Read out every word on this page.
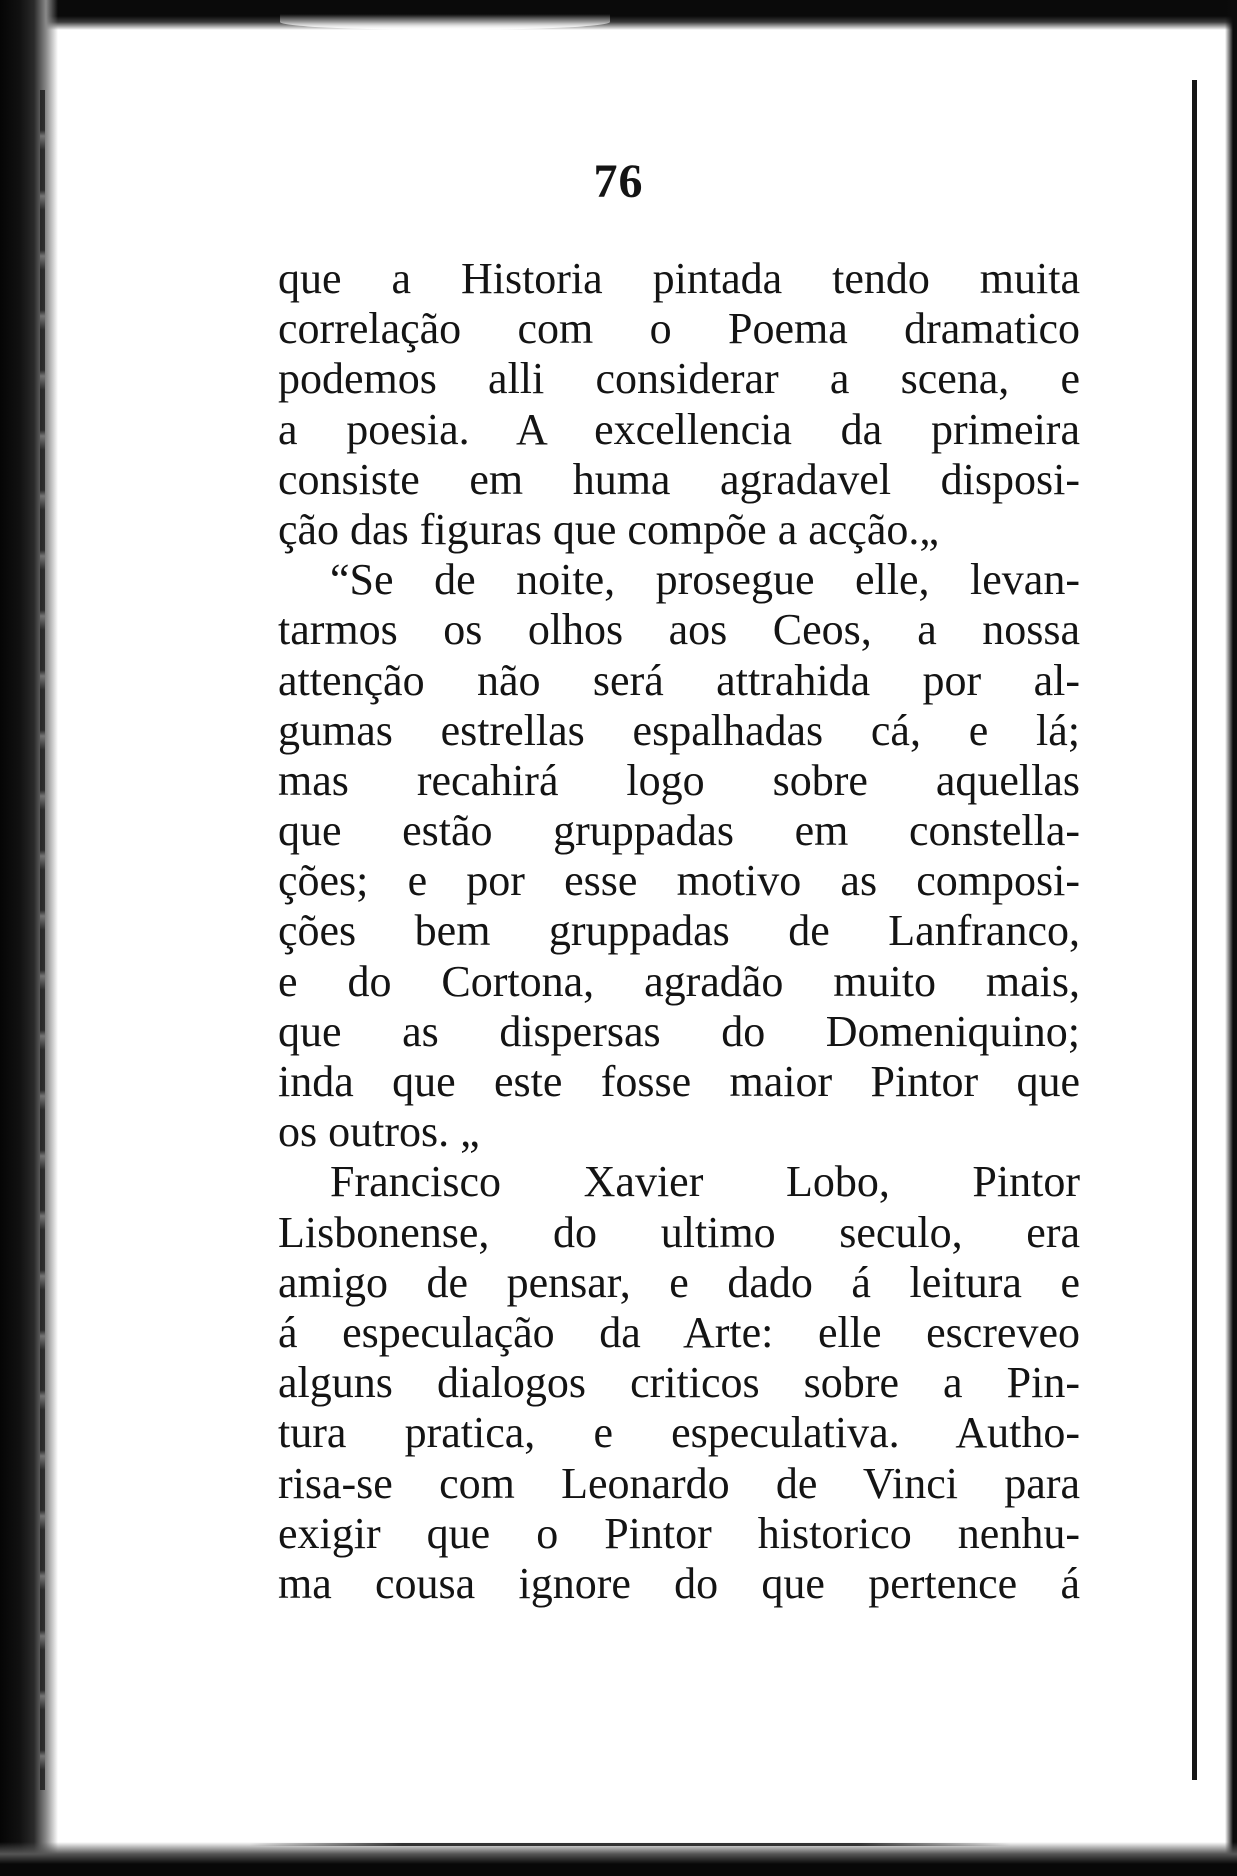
76
que a Historia pintada tendo muita
correlação com o Poema dramatico
podemos alli considerar a scena, e
a poesia. A excellencia da primeira
consiste em huma agradavel disposi-
ção das figuras que compõe a acção.„
“Se de noite, prosegue elle, levan-
tarmos os olhos aos Ceos, a nossa
attenção não será attrahida por al-
gumas estrellas espalhadas cá, e lá;
mas recahirá logo sobre aquellas
que estão gruppadas em constella-
ções; e por esse motivo as composi-
ções bem gruppadas de Lanfranco,
e do Cortona, agradão muito mais,
que as dispersas do Domeniquino;
inda que este fosse maior Pintor que
os outros. „
Francisco Xavier Lobo, Pintor
Lisbonense, do ultimo seculo, era
amigo de pensar, e dado á leitura e
á especulação da Arte: elle escreveo
alguns dialogos criticos sobre a Pin-
tura pratica, e especulativa. Autho-
risa-se com Leonardo de Vinci para
exigir que o Pintor historico nenhu-
ma cousa ignore do que pertence á
